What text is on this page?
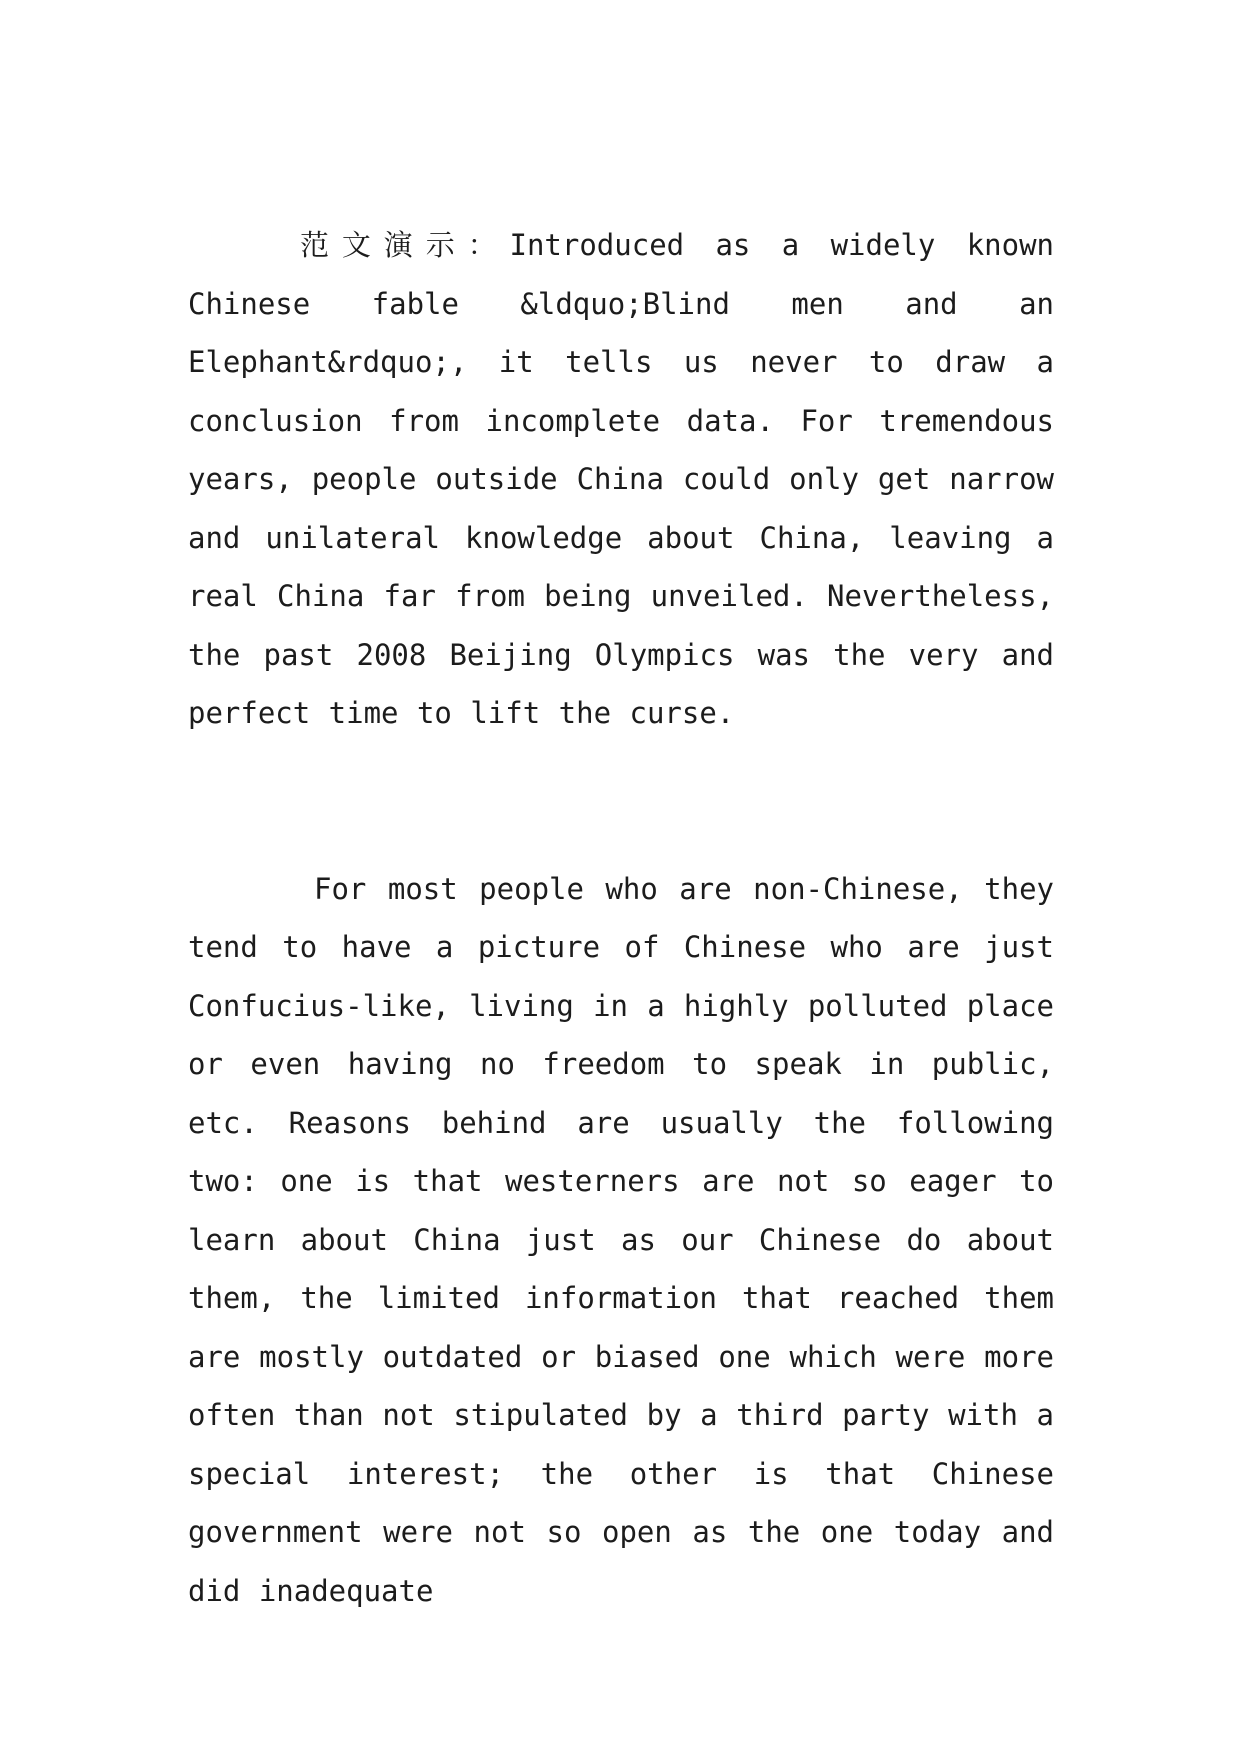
范文演示：Introduced as a widely known Chinese fable &ldquo;Blind men and an Elephant&rdquo;, it tells us never to draw a conclusion from incomplete data. For tremendous years, people outside China could only get narrow and unilateral knowledge about China, leaving a real China far from being unveiled. Nevertheless, the past 2008 Beijing Olympics was the very and perfect time to lift the curse.

For most people who are non-Chinese, they tend to have a picture of Chinese who are just Confucius-like, living in a highly polluted place or even having no freedom to speak in public, etc. Reasons behind are usually the following two: one is that westerners are not so eager to learn about China just as our Chinese do about them, the limited information that reached them are mostly outdated or biased one which were more often than not stipulated by a third party with a special interest; the other is that Chinese government were not so open as the one today and did inadequate
